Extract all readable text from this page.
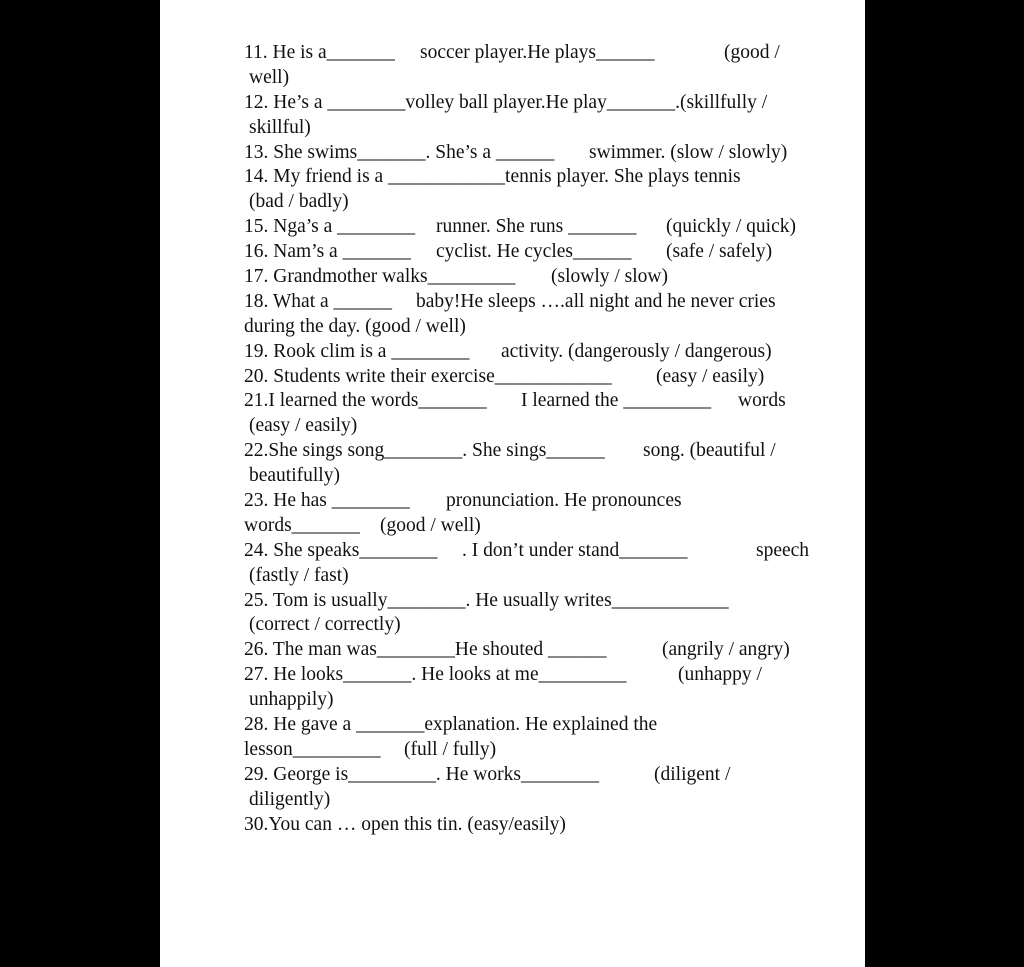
11. He is a_______ soccer player.He plays______	(good /
well)
12. He’s a ________volley ball player.He play_______.(skillfully /
skillful)
13. She swims_______. She’s a ______ swimmer. (slow / slowly)
14. My friend is a ____________tennis player. She plays tennis
(bad / badly)
15. Nga’s a ________ runner. She runs _______ (quickly / quick)
16. Nam’s a _______ cyclist. He cycles______ (safe / safely)
17. Grandmother walks_________ (slowly / slow)
18. What a ______ baby!He sleeps ….all night and he never cries
during the day. (good / well)
19. Rook clim is a ________ activity. (dangerously / dangerous)
20. Students write their exercise____________ (easy / easily)
21.I learned the words_______ I learned the _________ words
(easy / easily)
22.She sings song________. She sings______ song. (beautiful /
beautifully)
23. He has ________ pronunciation. He pronounces
words_______ (good / well)
24. She speaks________ . I don’t under stand_______	speech
(fastly / fast)
25. Tom is usually________. He usually writes____________
(correct / correctly)
26. The man was________He shouted ______	(angrily / angry)
27. He looks_______. He looks at me_________	(unhappy /
unhappily)
28. He gave a _______explanation. He explained the
lesson_________ (full / fully)
29. George is_________. He works________	(diligent /
diligently)
30.You can … open this tin. (easy/easily)
